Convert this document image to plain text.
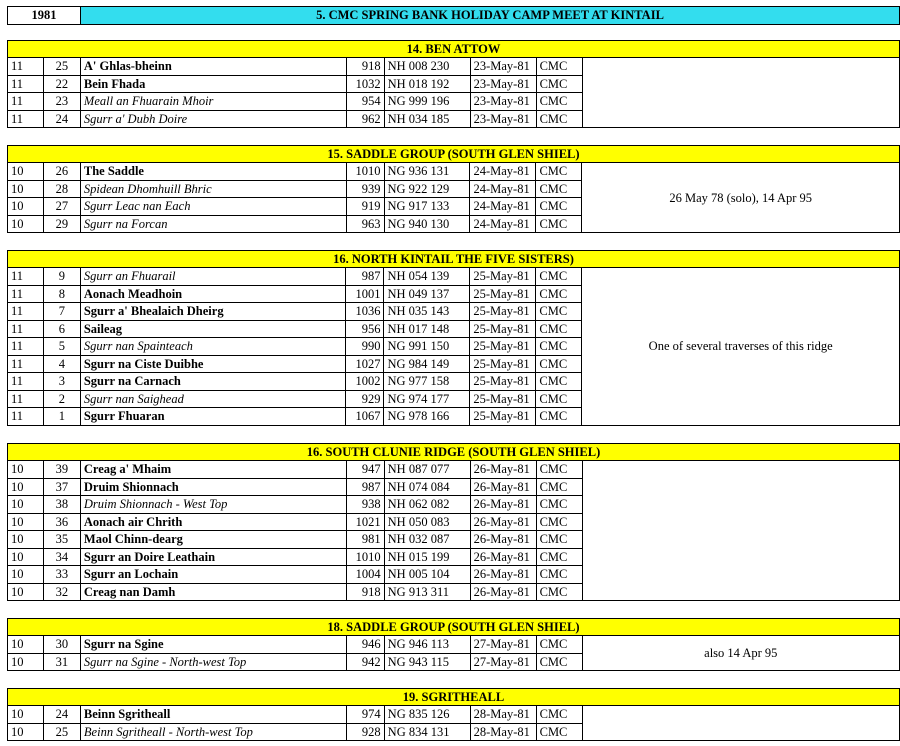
1981	5. CMC SPRING BANK HOLIDAY CAMP MEET AT KINTAIL
14. BEN ATTOW							
11	25	A' Ghlas-bheinn	918	NH 008 230	23-May-81	CMC	
11	22	Bein Fhada	1032	NH 018 192	23-May-81	CMC	
11	23	Meall an Fhuarain Mhoir	954	NG 999 196	23-May-81	CMC	
11	24	Sgurr a' Dubh Doire	962	NH 034 185	23-May-81	CMC	
15. SADDLE GROUP (SOUTH GLEN SHIEL)							
10	26	The Saddle	1010	NG 936 131	24-May-81	CMC	26 May 78 (solo), 14 Apr 95
10	28	Spidean Dhomhuill Bhric	939	NG 922 129	24-May-81	CMC	
10	27	Sgurr Leac nan Each	919	NG 917 133	24-May-81	CMC	
10	29	Sgurr na Forcan	963	NG 940 130	24-May-81	CMC	
16. NORTH KINTAIL THE FIVE SISTERS)							
11	9	Sgurr an Fhuarail	987	NH 054 139	25-May-81	CMC	One of several traverses of this ridge
11	8	Aonach Meadhoin	1001	NH 049 137	25-May-81	CMC	
11	7	Sgurr a' Bhealaich Dheirg	1036	NH 035 143	25-May-81	CMC	
11	6	Saileag	956	NH 017 148	25-May-81	CMC	
11	5	Sgurr nan Spainteach	990	NG 991 150	25-May-81	CMC	
11	4	Sgurr na Ciste Duibhe	1027	NG 984 149	25-May-81	CMC	
11	3	Sgurr na Carnach	1002	NG 977 158	25-May-81	CMC	
11	2	Sgurr nan Saighead	929	NG 974 177	25-May-81	CMC	
11	1	Sgurr Fhuaran	1067	NG 978 166	25-May-81	CMC	
16. SOUTH CLUNIE RIDGE (SOUTH GLEN SHIEL)							
10	39	Creag a' Mhaim	947	NH 087 077	26-May-81	CMC	
10	37	Druim Shionnach	987	NH 074 084	26-May-81	CMC	
10	38	Druim Shionnach - West Top	938	NH 062 082	26-May-81	CMC	
10	36	Aonach air Chrith	1021	NH 050 083	26-May-81	CMC	
10	35	Maol Chinn-dearg	981	NH 032 087	26-May-81	CMC	
10	34	Sgurr an Doire Leathain	1010	NH 015 199	26-May-81	CMC	
10	33	Sgurr an Lochain	1004	NH 005 104	26-May-81	CMC	
10	32	Creag nan Damh	918	NG 913 311	26-May-81	CMC	
18. SADDLE GROUP (SOUTH GLEN SHIEL)							
10	30	Sgurr na Sgine	946	NG 946 113	27-May-81	CMC	also 14 Apr 95
10	31	Sgurr na Sgine - North-west Top	942	NG 943 115	27-May-81	CMC	
19. SGRITHEALL							
10	24	Beinn Sgritheall	974	NG 835 126	28-May-81	CMC	
10	25	Beinn Sgritheall - North-west Top	928	NG 834 131	28-May-81	CMC	
